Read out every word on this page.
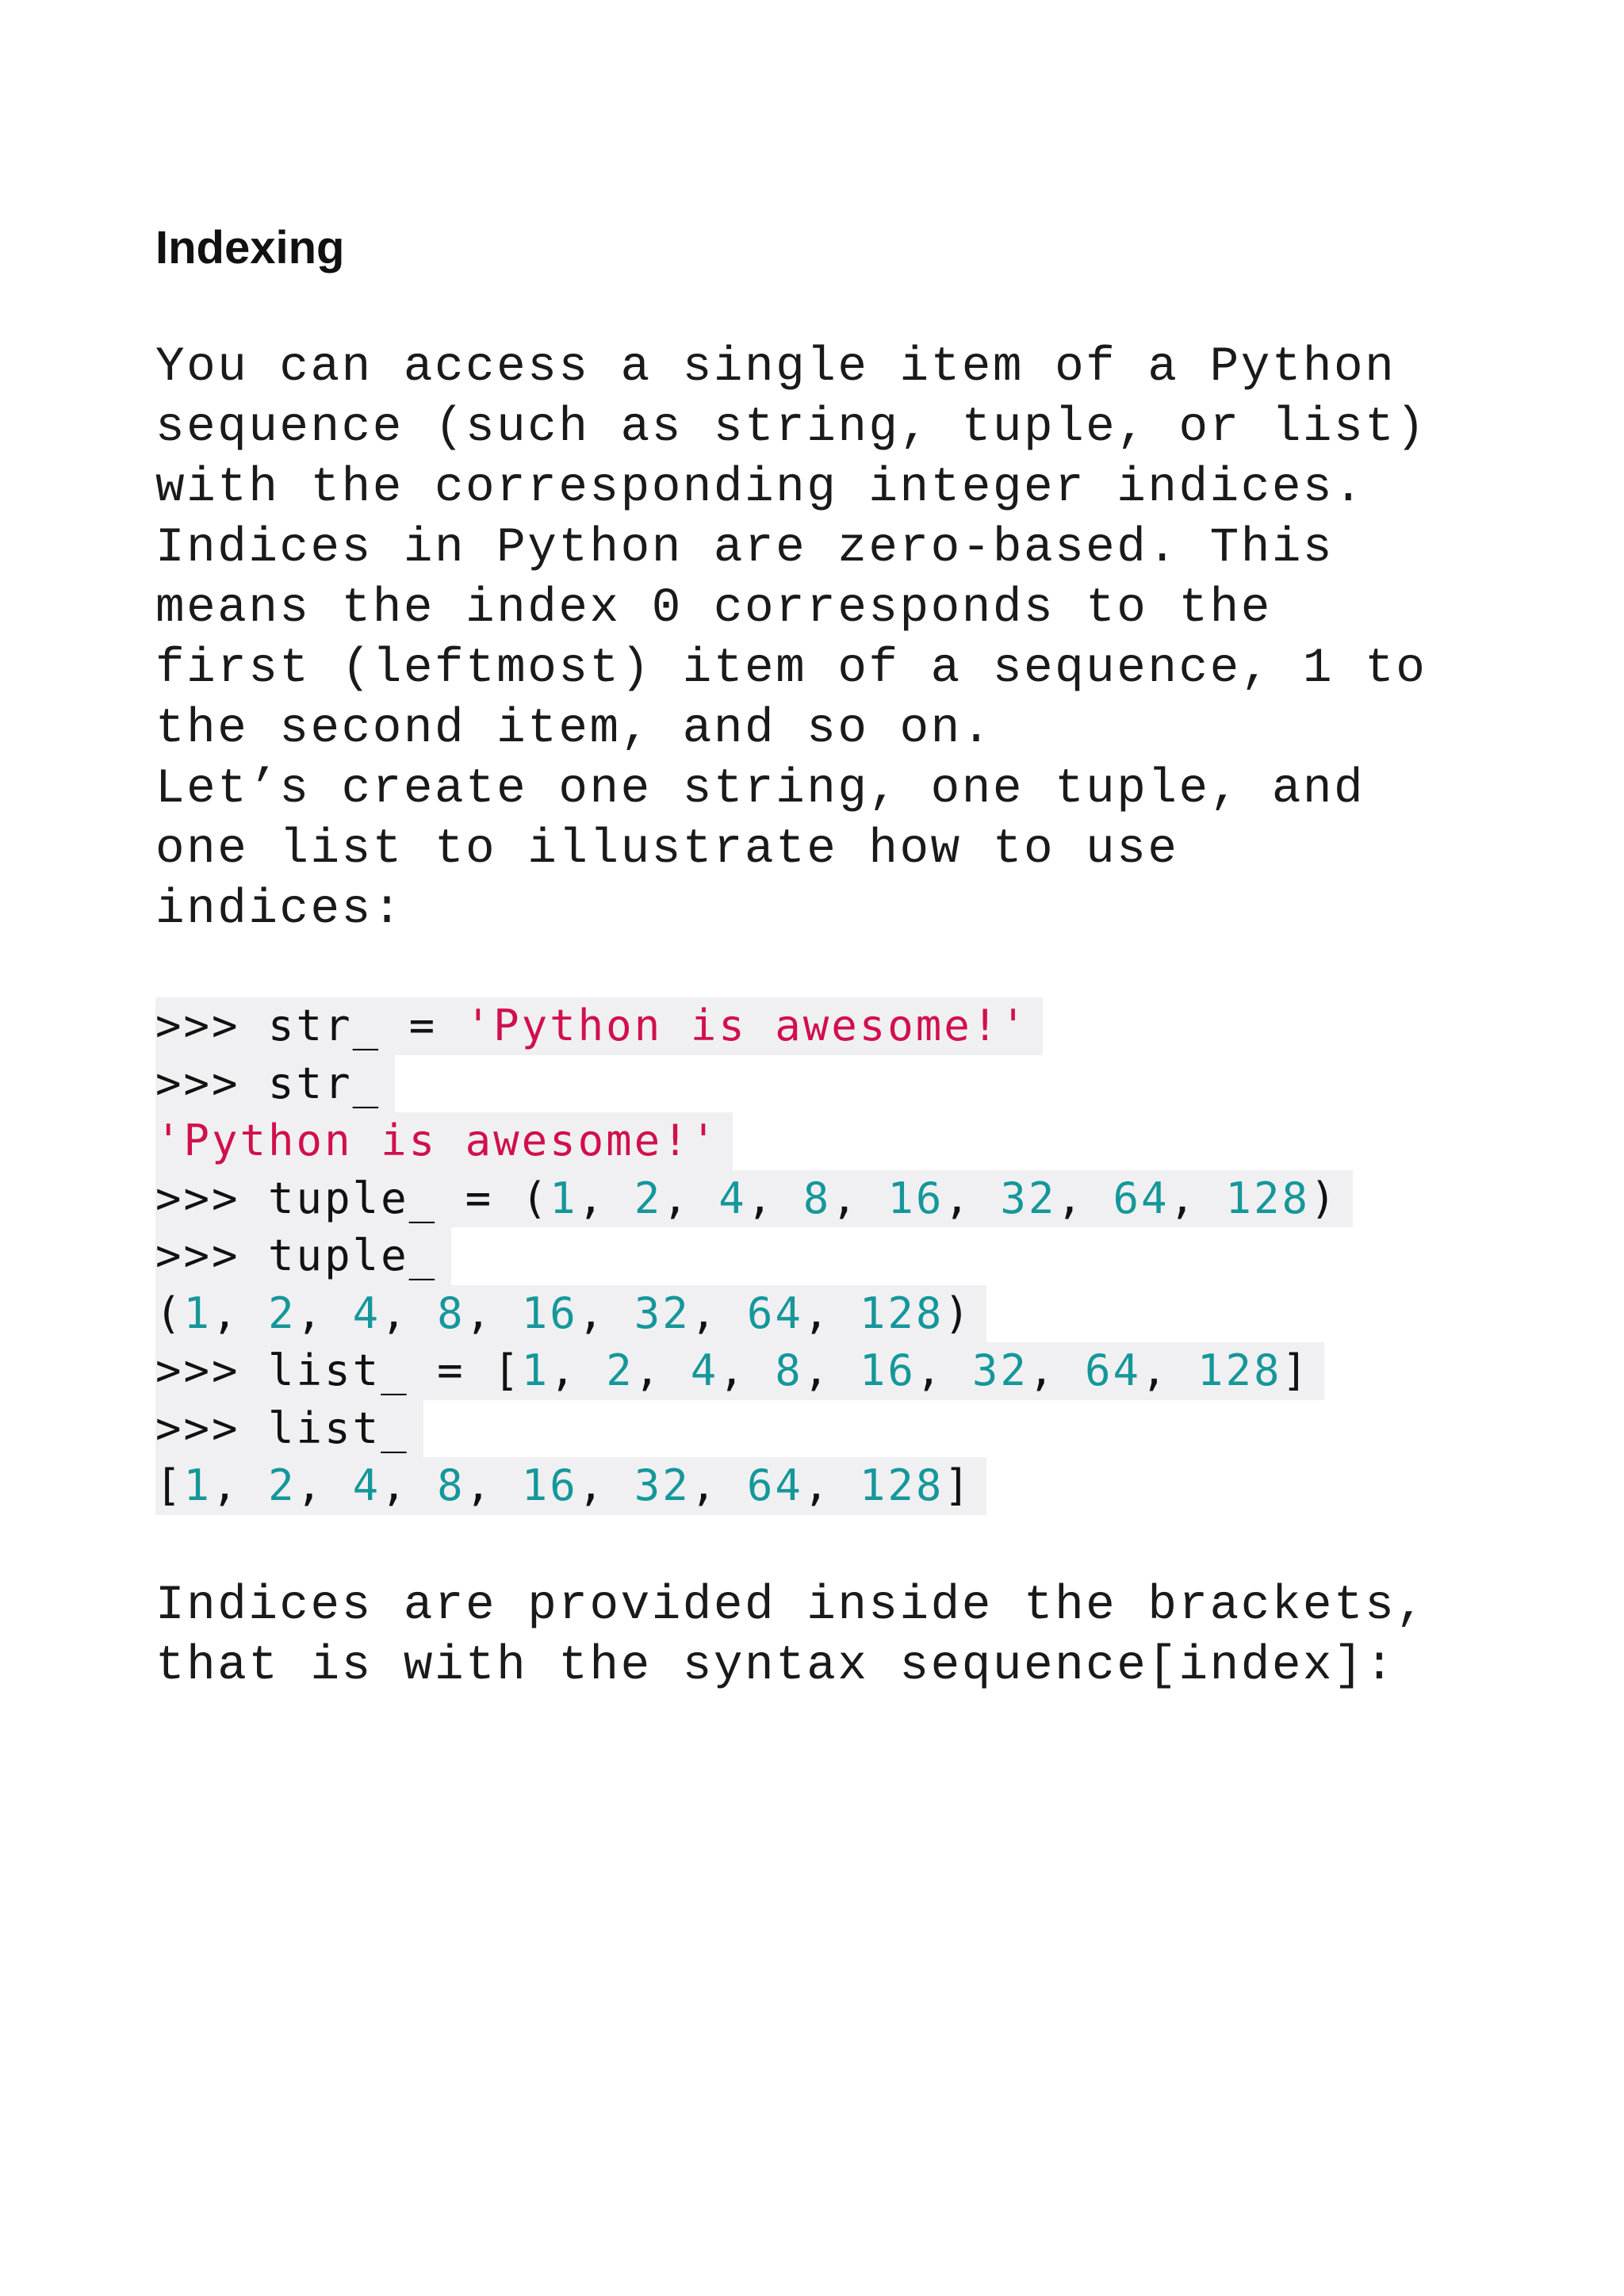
Indexing
You can access a single item of a Python
sequence (such as string, tuple, or list)
with the corresponding integer indices.
Indices in Python are zero-based. This
means the index 0 corresponds to the
first (leftmost) item of a sequence, 1 to
the second item, and so on.
Let’s create one string, one tuple, and
one list to illustrate how to use
indices:
>>> str_ = 'Python is awesome!'
>>> str_
'Python is awesome!'
>>> tuple_ = (1, 2, 4, 8, 16, 32, 64, 128)
>>> tuple_
(1, 2, 4, 8, 16, 32, 64, 128)
>>> list_ = [1, 2, 4, 8, 16, 32, 64, 128]
>>> list_
[1, 2, 4, 8, 16, 32, 64, 128]
Indices are provided inside the brackets,
that is with the syntax sequence[index]:
